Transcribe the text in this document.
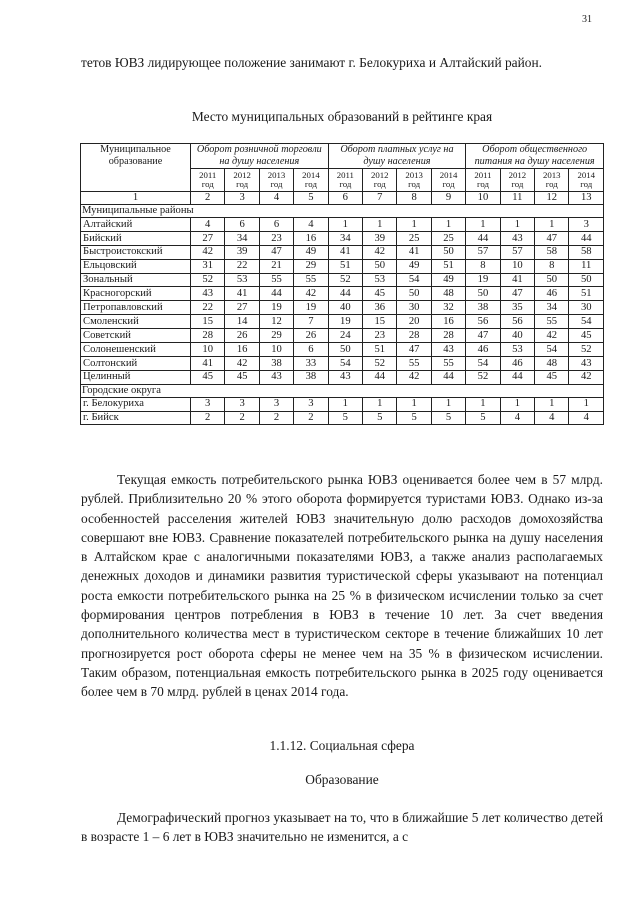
31

тетов ЮВЗ лидирующее положение занимают г. Белокуриха и Алтайский район.

Место муниципальных образований в рейтинге края

Муниципальное образование	Оборот розничной торговли на душу населения				Оборот платных услуг на душу населения				Оборот общественного питания на душу населения			
	2011 год	2012 год	2013 год	2014 год	2011 год	2012 год	2013 год	2014 год	2011 год	2012 год	2013 год	2014 год
1	2	3	4	5	6	7	8	9	10	11	12	13
Муниципальные районы												
Алтайский	4	6	6	4	1	1	1	1	1	1	1	3
Бийский	27	34	23	16	34	39	25	25	44	43	47	44
Быстроистокский	42	39	47	49	41	42	41	50	57	57	58	58
Ельцовский	31	22	21	29	51	50	49	51	8	10	8	11
Зональный	52	53	55	55	52	53	54	49	19	41	50	50
Красногорский	43	41	44	42	44	45	50	48	50	47	46	51
Петропавловский	22	27	19	19	40	36	30	32	38	35	34	30
Смоленский	15	14	12	7	19	15	20	16	56	56	55	54
Советский	28	26	29	26	24	23	28	28	47	40	42	45
Солонешенский	10	16	10	6	50	51	47	43	46	53	54	52
Солтонский	41	42	38	33	54	52	55	55	54	46	48	43
Целинный	45	45	43	38	43	44	42	44	52	44	45	42
Городские округа												
г. Белокуриха	3	3	3	3	1	1	1	1	1	1	1	1
г. Бийск	2	2	2	2	5	5	5	5	5	4	4	4

Текущая емкость потребительского рынка ЮВЗ оценивается более чем в 57 млрд. рублей. Приблизительно 20 % этого оборота формируется туристами ЮВЗ. Однако из-за особенностей расселения жителей ЮВЗ значительную долю расходов домохозяйства совершают вне ЮВЗ. Сравнение показателей потребительского рынка на душу населения в Алтайском крае с аналогичными показателями ЮВЗ, а также анализ располагаемых денежных доходов и динамики развития туристической сферы указывают на потенциал роста емкости потребительского рынка на 25 % в физическом исчислении только за счет формирования центров потребления в ЮВЗ в течение 10 лет. За счет введения дополнительного количества мест в туристическом секторе в течение ближайших 10 лет прогнозируется рост оборота сферы не менее чем на 35 % в физическом исчислении. Таким образом, потенциальная емкость потребительского рынка в 2025 году оценивается более чем в 70 млрд. рублей в ценах 2014 года.

1.1.12. Социальная сфера

Образование

Демографический прогноз указывает на то, что в ближайшие 5 лет количество детей в возрасте 1 – 6 лет в ЮВЗ значительно не изменится, а с
